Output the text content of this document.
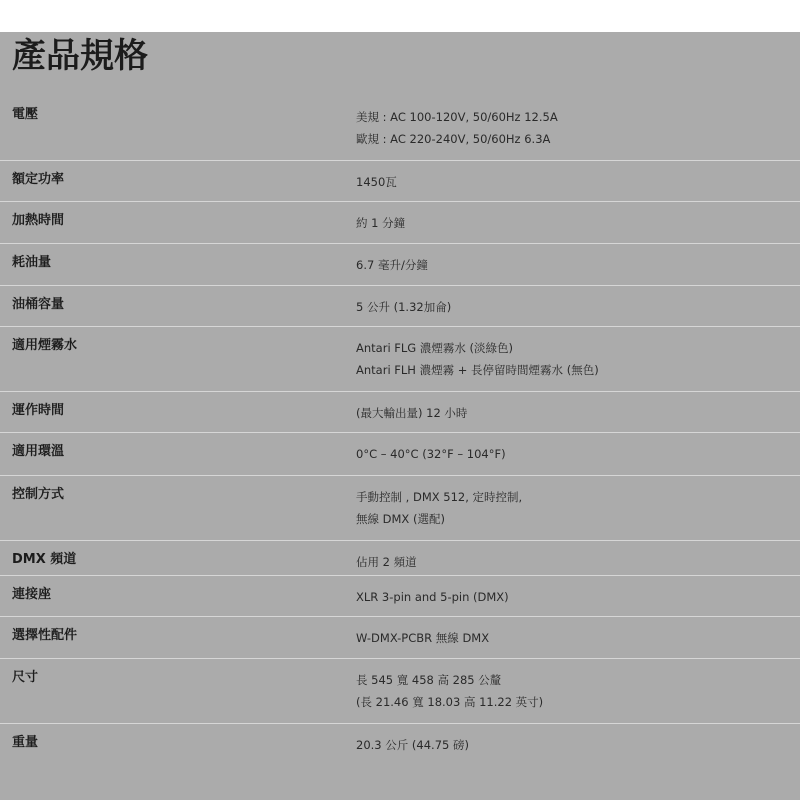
產品規格
電壓	美規 : AC 100-120V, 50/60Hz 12.5A
歐規 : AC 220-240V, 50/60Hz 6.3A
額定功率	1450瓦
加熱時間	約 1 分鐘
耗油量	6.7 毫升/分鐘
油桶容量	5 公升 (1.32加侖)
適用煙霧水	Antari FLG 濃煙霧水 (淡綠色)
Antari FLH 濃煙霧 + 長停留時間煙霧水 (無色)
運作時間	(最大輸出量) 12 小時
適用環溫	0°C – 40°C (32°F – 104°F)
控制方式	手動控制 , DMX 512, 定時控制,
無線 DMX (選配)
DMX 頻道	佔用 2 頻道
連接座	XLR 3-pin and 5-pin (DMX)
選擇性配件	W-DMX-PCBR 無線 DMX
尺寸	長 545 寬 458 高 285 公釐
(長 21.46 寬 18.03 高 11.22 英寸)
重量	20.3 公斤 (44.75 磅)
